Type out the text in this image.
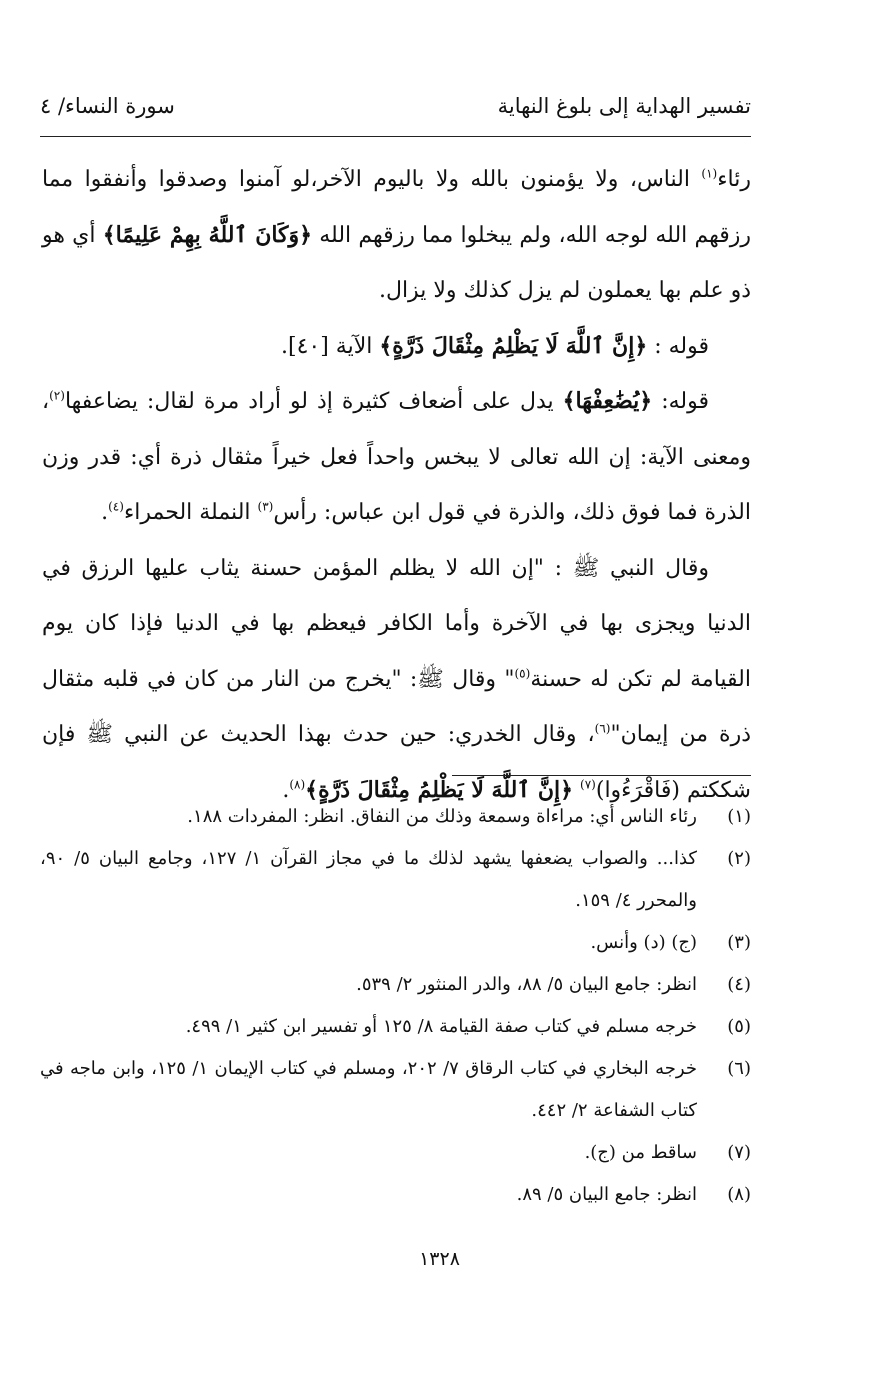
تفسير الهداية إلى بلوغ النهاية
سورة النساء/ ٤

رئاء$^{(١)}$ الناس، ولا يؤمنون بالله ولا باليوم الآخر،لو آمنوا وصدقوا وأنفقوا مما رزقهم الله لوجه الله، ولم يبخلوا مما رزقهم الله ﴿وَكَانَ ٱللَّهُ بِهِمْ عَلِيمًا﴾ أي هو ذو علم بها يعملون لم يزل كذلك ولا يزال.

قوله : ﴿إِنَّ ٱللَّهَ لَا يَظْلِمُ مِثْقَالَ ذَرَّةٍ﴾ الآية [٤٠].

قوله: ﴿يُضَٰعِفْهَا﴾ يدل على أضعاف كثيرة إذ لو أراد مرة لقال: يضاعفها$^{(٢)}$، ومعنى الآية: إن الله تعالى لا يبخس واحداً فعل خيراً مثقال ذرة أي: قدر وزن الذرة فما فوق ذلك، والذرة في قول ابن عباس: رأس$^{(٣)}$ النملة الحمراء$^{(٤)}$.

وقال النبي ﷺ : "إن الله لا يظلم المؤمن حسنة يثاب عليها الرزق في الدنيا ويجزى بها في الآخرة وأما الكافر فيعظم بها في الدنيا فإذا كان يوم القيامة لم تكن له حسنة$^{(٥)}$" وقال ﷺ: "يخرج من النار من كان في قلبه مثقال ذرة من إيمان"$^{(٦)}$، وقال الخدري: حين حدث بهذا الحديث عن النبي ﷺ فإن شككتم (فَاقْرَءُوا)$^{(٧)}$ ﴿إِنَّ ٱللَّهَ لَا يَظْلِمُ مِثْقَالَ ذَرَّةٍ﴾$^{(٨)}$.

(١)
رئاء الناس أي: مراءاة وسمعة وذلك من النفاق. انظر: المفردات ١٨٨.
(٢)
كذا... والصواب يضعفها يشهد لذلك ما في مجاز القرآن ١/ ١٢٧، وجامع البيان ٥/ ٩٠، والمحرر ٤/ ١٥٩.
(٣)
(ج) (د) وأنس.
(٤)
انظر: جامع البيان ٥/ ٨٨، والدر المنثور ٢/ ٥٣٩.
(٥)
خرجه مسلم في كتاب صفة القيامة ٨/ ١٢٥ أو تفسير ابن كثير ١/ ٤٩٩.
(٦)
خرجه البخاري في كتاب الرقاق ٧/ ٢٠٢، ومسلم في كتاب الإيمان ١/ ١٢٥، وابن ماجه في كتاب الشفاعة ٢/ ٤٤٢.
(٧)
ساقط من (ج).
(٨)
انظر: جامع البيان ٥/ ٨٩.
١٣٢٨
